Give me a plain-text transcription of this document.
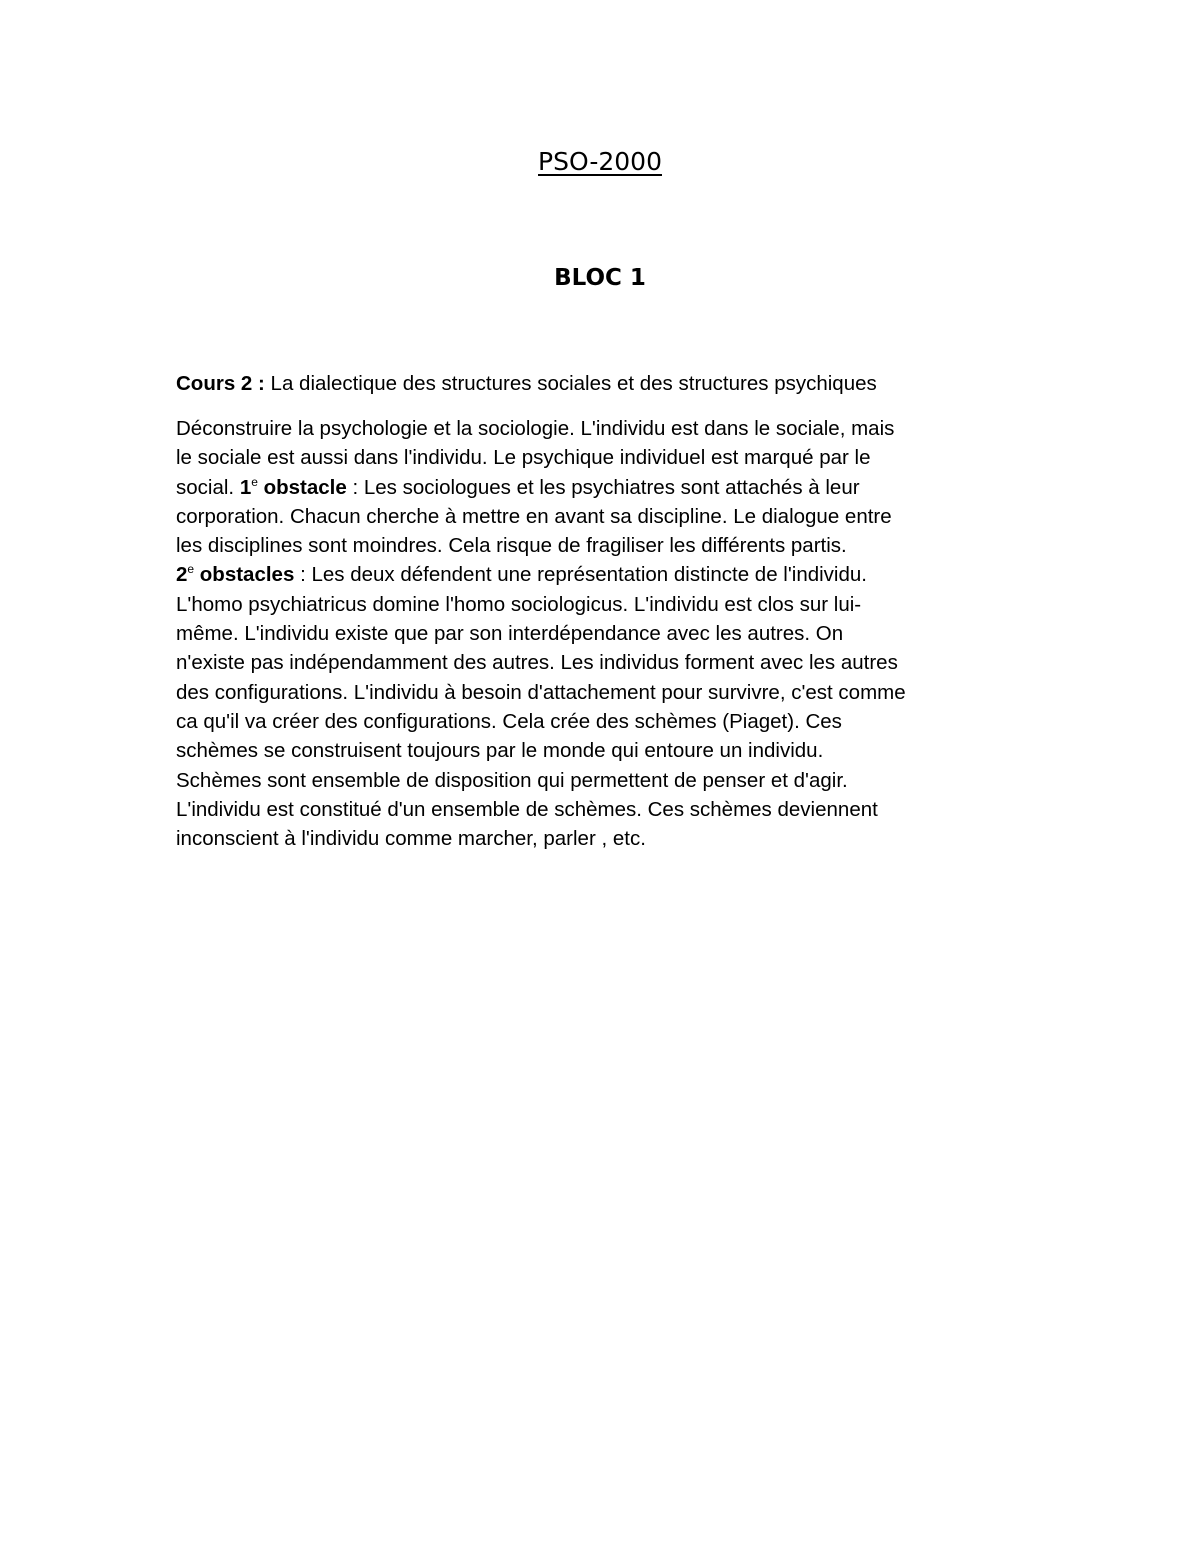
PSO-2000
BLOC 1
Cours 2 : La dialectique des structures sociales et des structures psychiques
Déconstruire la psychologie et la sociologie. L'individu est dans le sociale, mais
le sociale est aussi dans l'individu. Le psychique individuel est marqué par le
social. 1e obstacle : Les sociologues et les psychiatres sont attachés à leur
corporation. Chacun cherche à mettre en avant sa discipline. Le dialogue entre
les disciplines sont moindres. Cela risque de fragiliser les différents partis.
2e obstacles : Les deux défendent une représentation distincte de l'individu.
L'homo psychiatricus domine l'homo sociologicus. L'individu est clos sur lui-
même. L'individu existe que par son interdépendance avec les autres. On
n'existe pas indépendamment des autres. Les individus forment avec les autres
des configurations. L'individu à besoin d'attachement pour survivre, c'est comme
ca qu'il va créer des configurations. Cela crée des schèmes (Piaget). Ces
schèmes se construisent toujours par le monde qui entoure un individu.
Schèmes sont ensemble de disposition qui permettent de penser et d'agir.
L'individu est constitué d'un ensemble de schèmes. Ces schèmes deviennent
inconscient à l'individu comme marcher, parler , etc.
